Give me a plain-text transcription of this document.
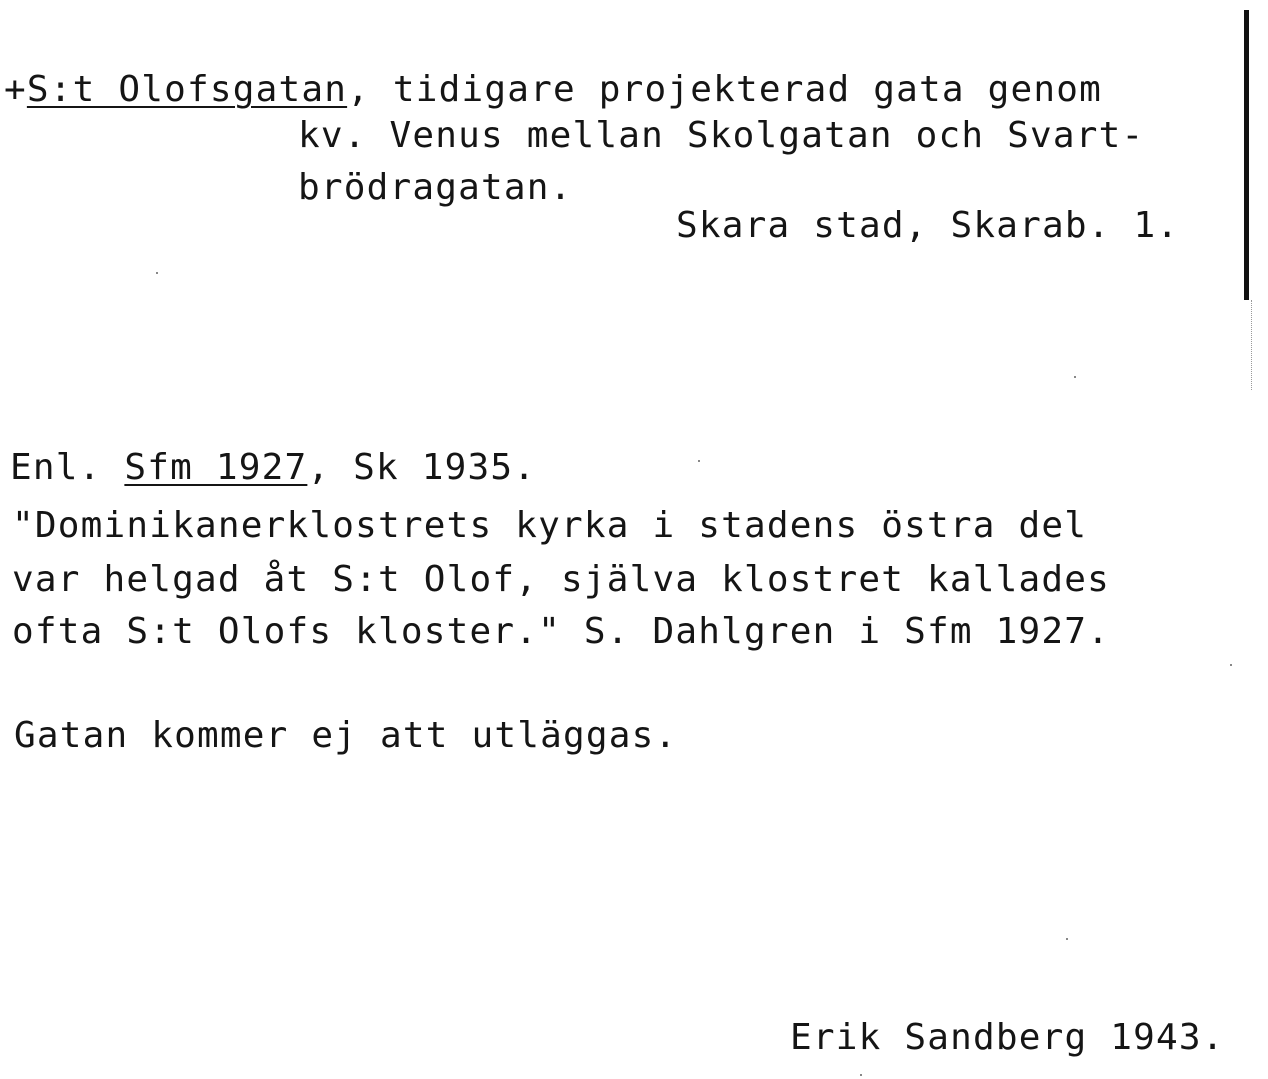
+S:t Olofsgatan, tidigare projekterad gata genom
kv. Venus mellan Skolgatan och Svart-
brödragatan.
Skara stad, Skarab. 1.
Enl. Sfm 1927, Sk 1935.
"Dominikanerklostrets kyrka i stadens östra del
var helgad åt S:t Olof, själva klostret kallades
ofta S:t Olofs kloster." S. Dahlgren i Sfm 1927.
Gatan kommer ej att utläggas.
Erik Sandberg 1943.
